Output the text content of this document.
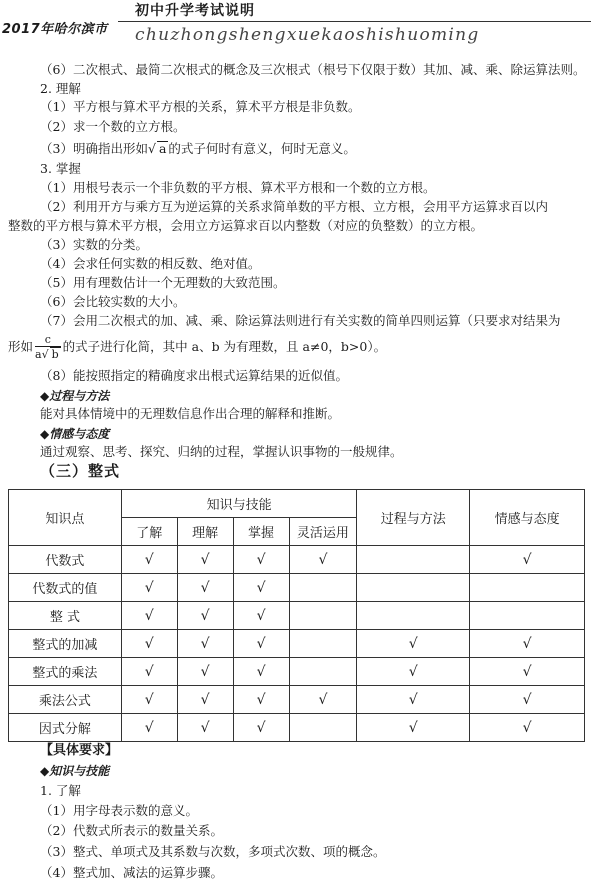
初中升学考试说明
2017年哈尔滨市 chuzhongshengxuekaoshishuoming
（6）二次根式、最简二次根式的概念及三次根式（根号下仅限于数）其加、减、乘、除运算法则。
2. 理解
（1）平方根与算术平方根的关系，算术平方根是非负数。
（2）求一个数的立方根。
（3）明确指出形如√ a 的式子何时有意义，何时无意义。
3. 掌握
（1）用根号表示一个非负数的平方根、算术平方根和一个数的立方根。
（2）利用开方与乘方互为逆运算的关系求简单数的平方根、立方根，会用平方运算求百以内
整数的平方根与算术平方根，会用立方运算求百以内整数（对应的负整数）的立方根。
（3）实数的分类。
（4）会求任何实数的相反数、绝对值。
（5）用有理数估计一个无理数的大致范围。
（6）会比较实数的大小。
（7）会用二次根式的加、减、乘、除运算法则进行有关实数的简单四则运算（只要求对结果为
形如 $\frac{c}{a√ b}$ 的式子进行化简，其中 a、b 为有理数，且 a≠0，b>0）。
（8）能按照指定的精确度求出根式运算结果的近似值。
◆过程与方法
能对具体情境中的无理数信息作出合理的解释和推断。
◆情感与态度
通过观察、思考、探究、归纳的过程，掌握认识事物的一般规律。
（三）整式
知识点	知识与技能				过程与方法	情感与态度
	了解	理解	掌握	灵活运用		
代数式	√	√	√	√		√
代数式的值	√	√	√			
整 式	√	√	√			
整式的加减	√	√	√		√	√
整式的乘法	√	√	√		√	√
乘法公式	√	√	√	√	√	√
因式分解	√	√	√		√	√
【具体要求】
◆知识与技能
1. 了解
（1）用字母表示数的意义。
（2）代数式所表示的数量关系。
（3）整式、单项式及其系数与次数，多项式次数、项的概念。
（4）整式加、减法的运算步骤。
